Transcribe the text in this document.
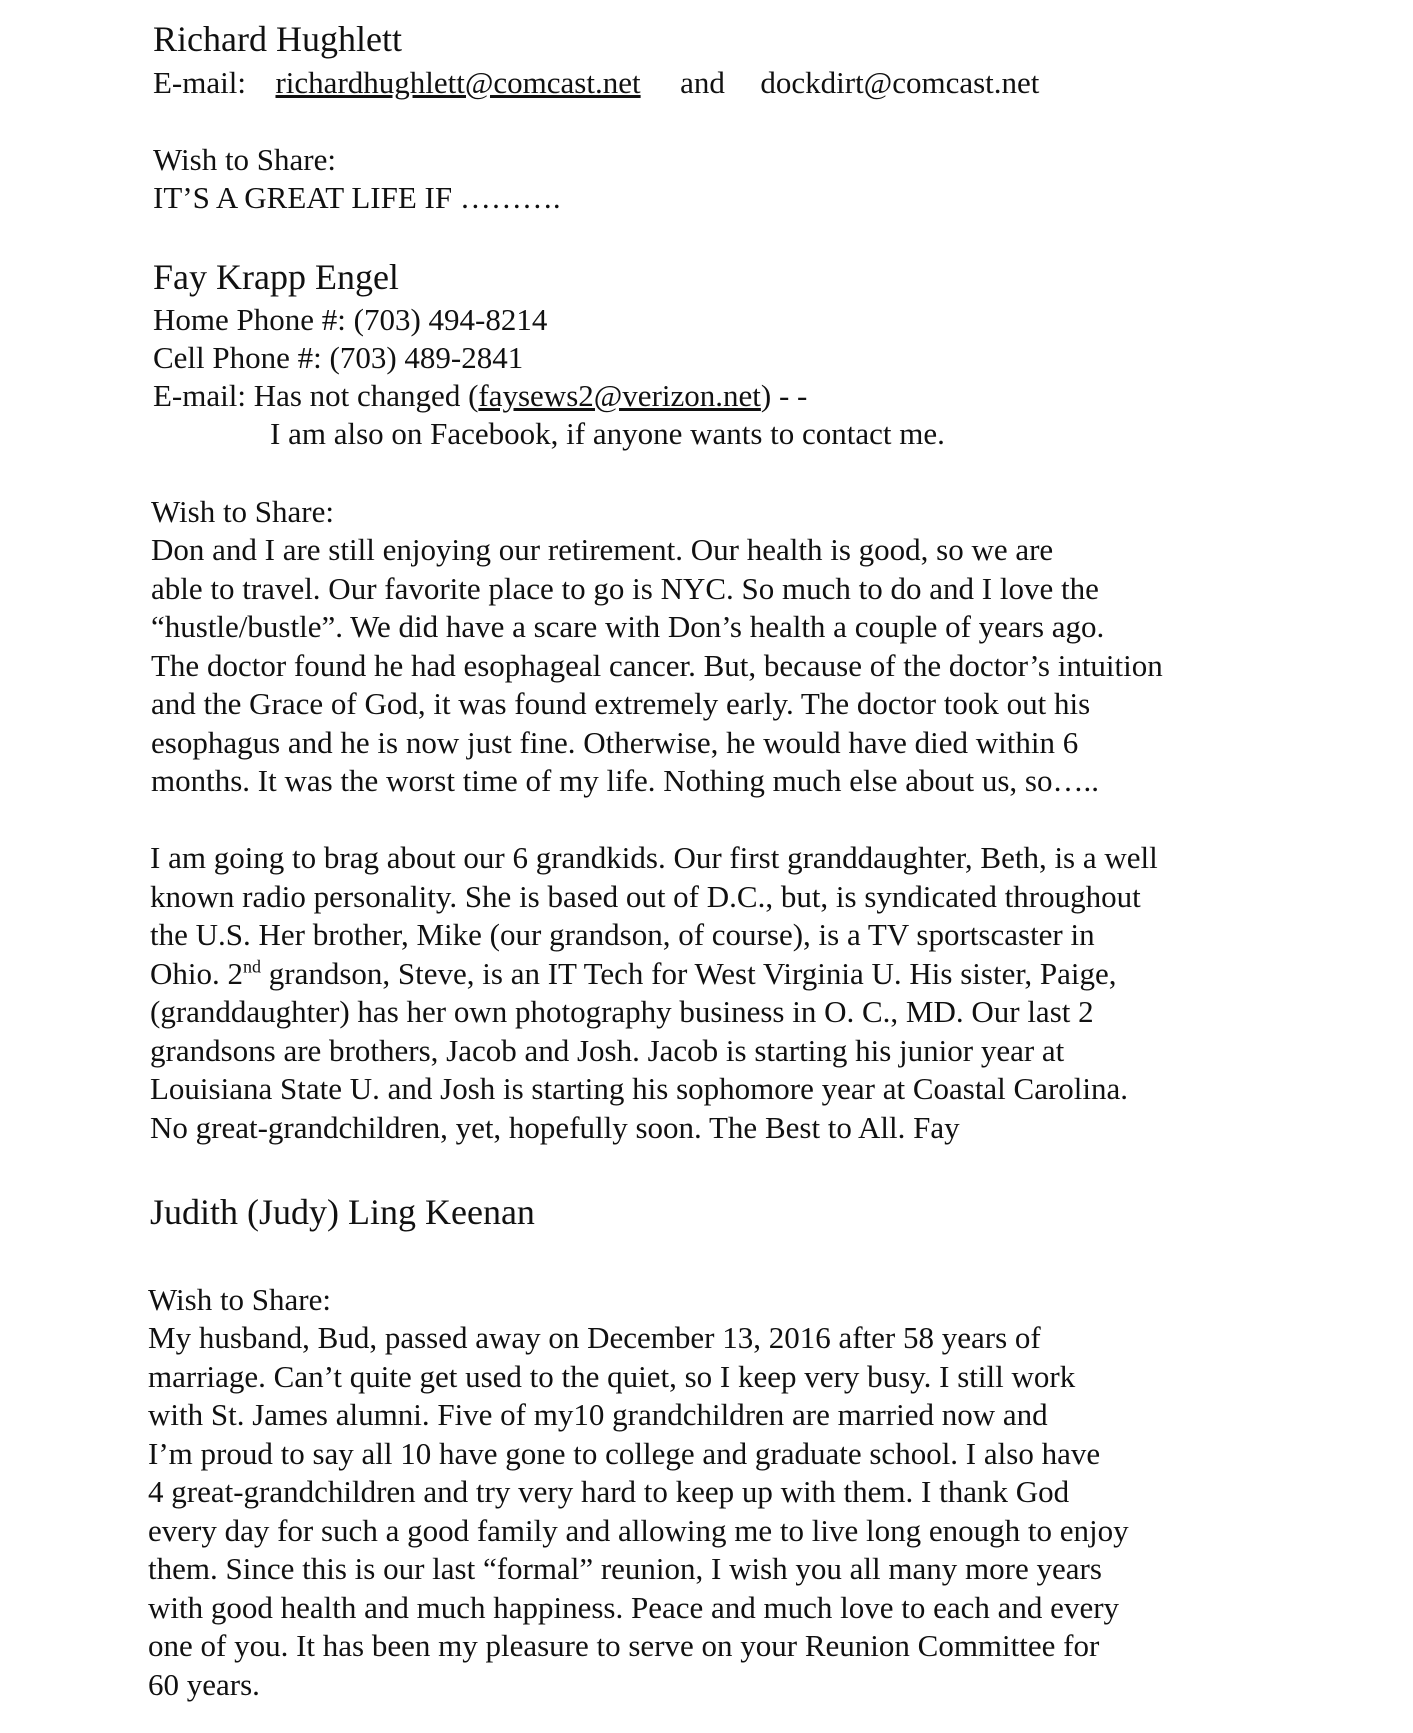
Richard Hughlett
E-mail: richardhughlett@comcast.net and dockdirt@comcast.net
Wish to Share:
IT’S A GREAT LIFE IF ……….
Fay Krapp Engel
Home Phone #: (703) 494-8214
Cell Phone #: (703) 489-2841
E-mail: Has not changed (faysews2@verizon.net) - -
I am also on Facebook, if anyone wants to contact me.
Wish to Share:
Don and I are still enjoying our retirement. Our health is good, so we are
able to travel. Our favorite place to go is NYC. So much to do and I love the
“hustle/bustle”. We did have a scare with Don’s health a couple of years ago.
The doctor found he had esophageal cancer. But, because of the doctor’s intuition
and the Grace of God, it was found extremely early. The doctor took out his
esophagus and he is now just fine. Otherwise, he would have died within 6
months. It was the worst time of my life. Nothing much else about us, so…..
I am going to brag about our 6 grandkids. Our first granddaughter, Beth, is a well
known radio personality. She is based out of D.C., but, is syndicated throughout
the U.S. Her brother, Mike (our grandson, of course), is a TV sportscaster in
Ohio. 2nd grandson, Steve, is an IT Tech for West Virginia U. His sister, Paige,
(granddaughter) has her own photography business in O. C., MD. Our last 2
grandsons are brothers, Jacob and Josh. Jacob is starting his junior year at
Louisiana State U. and Josh is starting his sophomore year at Coastal Carolina.
No great-grandchildren, yet, hopefully soon. The Best to All. Fay
Judith (Judy) Ling Keenan
Wish to Share:
My husband, Bud, passed away on December 13, 2016 after 58 years of
marriage. Can’t quite get used to the quiet, so I keep very busy. I still work
with St. James alumni. Five of my10 grandchildren are married now and
I’m proud to say all 10 have gone to college and graduate school. I also have
4 great-grandchildren and try very hard to keep up with them. I thank God
every day for such a good family and allowing me to live long enough to enjoy
them. Since this is our last “formal” reunion, I wish you all many more years
with good health and much happiness. Peace and much love to each and every
one of you. It has been my pleasure to serve on your Reunion Committee for
60 years.
